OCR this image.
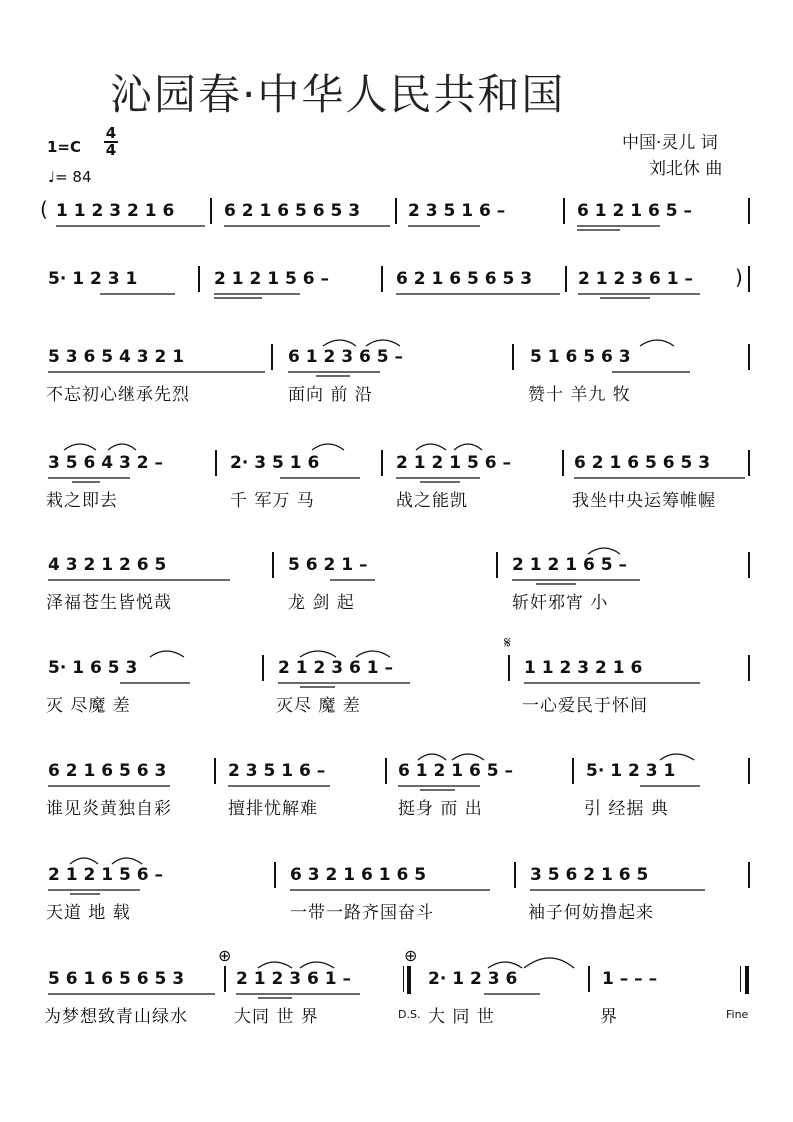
沁园春·中华人民共和国
1=C
4
4
♩= 84
中国·灵儿 词
刘北休 曲
( 1 1 2 3 2 1 6	6 2 1 6 5 6 5 3	2 3 5 1 6 –	6 1 2 1 6 5 –
5· 1 2 3 1	2 1 2 1 5 6 –	6 2 1 6 5 6 5 3	2 1 2 3 6 1 – )
5 3 6 5 4 3 2 1
不忘初心继承先烈
6 1 2 3 6 5 –
面向 前 沿
5 1 6 5 6 3
赞十 羊九 牧
3 5 6 4 3 2 –
栽之即去
2· 3 5 1 6
千 军万 马
2 1 2 1 5 6 –
战之能凯
6 2 1 6 5 6 5 3
我坐中央运筹帷幄
4 3 2 1 2 6 5
泽福苍生皆悦哉
5 6 2 1 –
龙 剑 起
2 1 2 1 6 5 –
斩奸邪宵 小
5· 1 6 5 3
灭 尽魔 差
2 1 2 3 6 1 –
灭尽 魔 差
𝄋
1 1 2 3 2 1 6
一心爱民于怀间
6 2 1 6 5 6 3
谁见炎黄独自彩
2 3 5 1 6 –
擅排忧解难
6 1 2 1 6 5 –
挺身 而 出
5· 1 2 3 1
引 经据 典
2 1 2 1 5 6 –
天道 地 载
6 3 2 1 6 1 6 5
一带一路齐国奋斗
3 5 6 2 1 6 5
袖子何妨撸起来
5 6 1 6 5 6 5 3
为梦想致青山绿水
⊕
2 1 2 3 6 1 –
大同 世 界
⊕
2· 1 2 3 6
D.S. 大 同 世
1 – – –
界	Fine
